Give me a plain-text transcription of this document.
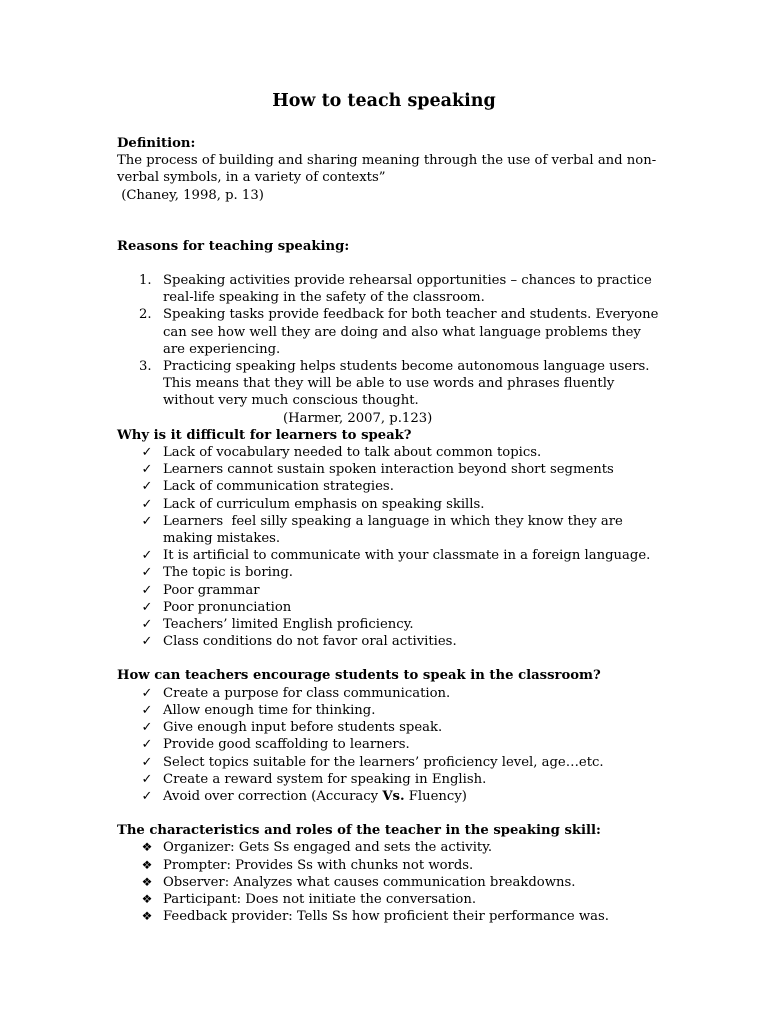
How to teach speaking
Definition:
The process of building and sharing meaning through the use of verbal and non-
verbal symbols, in a variety of contexts”
(Chaney, 1998, p. 13)
Reasons for teaching speaking:
1. Speaking activities provide rehearsal opportunities – chances to practice
real-life speaking in the safety of the classroom.
2. Speaking tasks provide feedback for both teacher and students. Everyone
can see how well they are doing and also what language problems they
are experiencing.
3. Practicing speaking helps students become autonomous language users.
This means that they will be able to use words and phrases fluently
without very much conscious thought.
(Harmer, 2007, p.123)
Why is it difficult for learners to speak?
✓ Lack of vocabulary needed to talk about common topics.
✓ Learners cannot sustain spoken interaction beyond short segments
✓ Lack of communication strategies.
✓ Lack of curriculum emphasis on speaking skills.
✓ Learners  feel silly speaking a language in which they know they are
making mistakes.
✓ It is artificial to communicate with your classmate in a foreign language.
✓ The topic is boring.
✓ Poor grammar
✓ Poor pronunciation
✓ Teachers’ limited English proficiency.
✓ Class conditions do not favor oral activities.
How can teachers encourage students to speak in the classroom?
✓ Create a purpose for class communication.
✓ Allow enough time for thinking.
✓ Give enough input before students speak.
✓ Provide good scaffolding to learners.
✓ Select topics suitable for the learners’ proficiency level, age…etc.
✓ Create a reward system for speaking in English.
✓ Avoid over correction (Accuracy Vs. Fluency)
The characteristics and roles of the teacher in the speaking skill:
❖ Organizer: Gets Ss engaged and sets the activity.
❖ Prompter: Provides Ss with chunks not words.
❖ Observer: Analyzes what causes communication breakdowns.
❖ Participant: Does not initiate the conversation.
❖ Feedback provider: Tells Ss how proficient their performance was.
